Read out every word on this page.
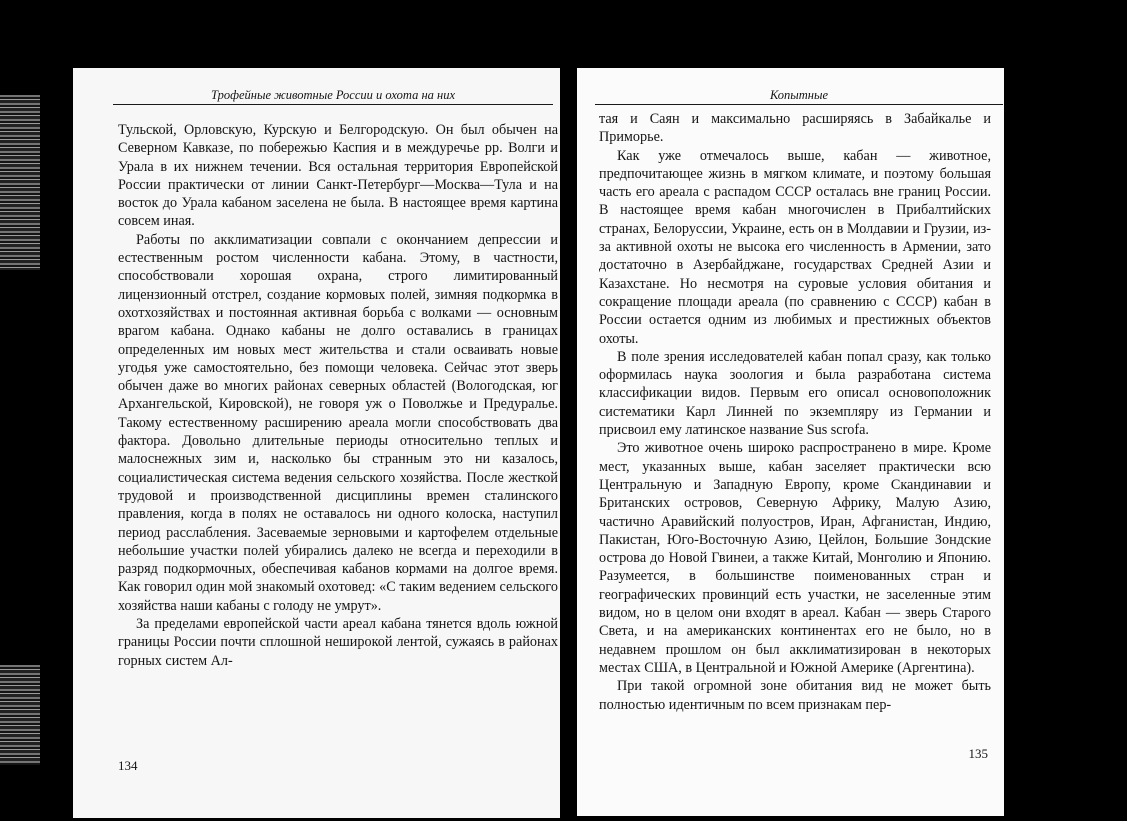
Трофейные животные России и охота на них

Тульской, Орловскую, Курскую и Белгородскую. Он был обычен на Северном Кавказе, по побережью Каспия и в междуречье рр. Волги и Урала в их нижнем течении. Вся остальная территория Европейской России практически от линии Санкт-Петербург—Москва—Тула и на восток до Урала кабаном заселена не была. В настоящее время картина совсем иная.

Работы по акклиматизации совпали с окончанием депрессии и естественным ростом численности кабана. Этому, в частности, способствовали хорошая охрана, строго лимитированный лицензионный отстрел, создание кормовых полей, зимняя подкормка в охотхозяйствах и постоянная активная борьба с волками — основным врагом кабана. Однако кабаны не долго оставались в границах определенных им новых мест жительства и стали осваивать новые угодья уже самостоятельно, без помощи человека. Сейчас этот зверь обычен даже во многих районах северных областей (Вологодская, юг Архангельской, Кировской), не говоря уж о Поволжье и Предуралье. Такому естественному расширению ареала могли способствовать два фактора. Довольно длительные периоды относительно теплых и малоснежных зим и, насколько бы странным это ни казалось, социалистическая система ведения сельского хозяйства. После жесткой трудовой и производственной дисциплины времен сталинского правления, когда в полях не оставалось ни одного колоска, наступил период расслабления. Засеваемые зерновыми и картофелем отдельные небольшие участки полей убирались далеко не всегда и переходили в разряд подкормочных, обеспечивая кабанов кормами на долгое время. Как говорил один мой знакомый охотовед: «С таким ведением сельского хозяйства наши кабаны с голоду не умрут».

За пределами европейской части ареал кабана тянется вдоль южной границы России почти сплошной неширокой лентой, сужаясь в районах горных систем Ал-

134
Копытные

тая и Саян и максимально расширяясь в Забайкалье и Приморье.

Как уже отмечалось выше, кабан — животное, предпочитающее жизнь в мягком климате, и поэтому большая часть его ареала с распадом СССР осталась вне границ России. В настоящее время кабан многочислен в Прибалтийских странах, Белоруссии, Украине, есть он в Молдавии и Грузии, из-за активной охоты не высока его численность в Армении, зато достаточно в Азербайджане, государствах Средней Азии и Казахстане. Но несмотря на суровые условия обитания и сокращение площади ареала (по сравнению с СССР) кабан в России остается одним из любимых и престижных объектов охоты.

В поле зрения исследователей кабан попал сразу, как только оформилась наука зоология и была разработана система классификации видов. Первым его описал основоположник систематики Карл Линней по экземпляру из Германии и присвоил ему латинское название Sus scrofa.

Это животное очень широко распространено в мире. Кроме мест, указанных выше, кабан заселяет практически всю Центральную и Западную Европу, кроме Скандинавии и Британских островов, Северную Африку, Малую Азию, частично Аравийский полуостров, Иран, Афганистан, Индию, Пакистан, Юго-Восточную Азию, Цейлон, Большие Зондские острова до Новой Гвинеи, а также Китай, Монголию и Японию. Разумеется, в большинстве поименованных стран и географических провинций есть участки, не заселенные этим видом, но в целом они входят в ареал. Кабан — зверь Старого Света, и на американских континентах его не было, но в недавнем прошлом он был акклиматизирован в некоторых местах США, в Центральной и Южной Америке (Аргентина).

При такой огромной зоне обитания вид не может быть полностью идентичным по всем признакам пер-

135
